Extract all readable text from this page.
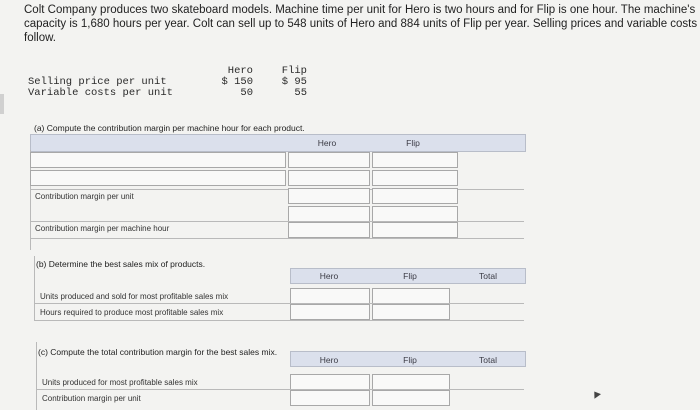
Colt Company produces two skateboard models. Machine time per unit for Hero is two hours and for Flip is one hour. The machine's capacity is 1,680 hours per year. Colt can sell up to 548 units of Hero and 884 units of Flip per year. Selling prices and variable costs follow.
Hero	Flip
Selling price per unit	$ 150	$ 95
Variable costs per unit	50	55
(a) Compute the contribution margin per machine hour for each product.
Hero	Flip
Contribution margin per unit
Contribution margin per machine hour
(b) Determine the best sales mix of products.
Hero	Flip	Total
Units produced and sold for most profitable sales mix
Hours required to produce most profitable sales mix
(c) Compute the total contribution margin for the best sales mix.
Hero	Flip	Total
Units produced for most profitable sales mix
Contribution margin per unit
